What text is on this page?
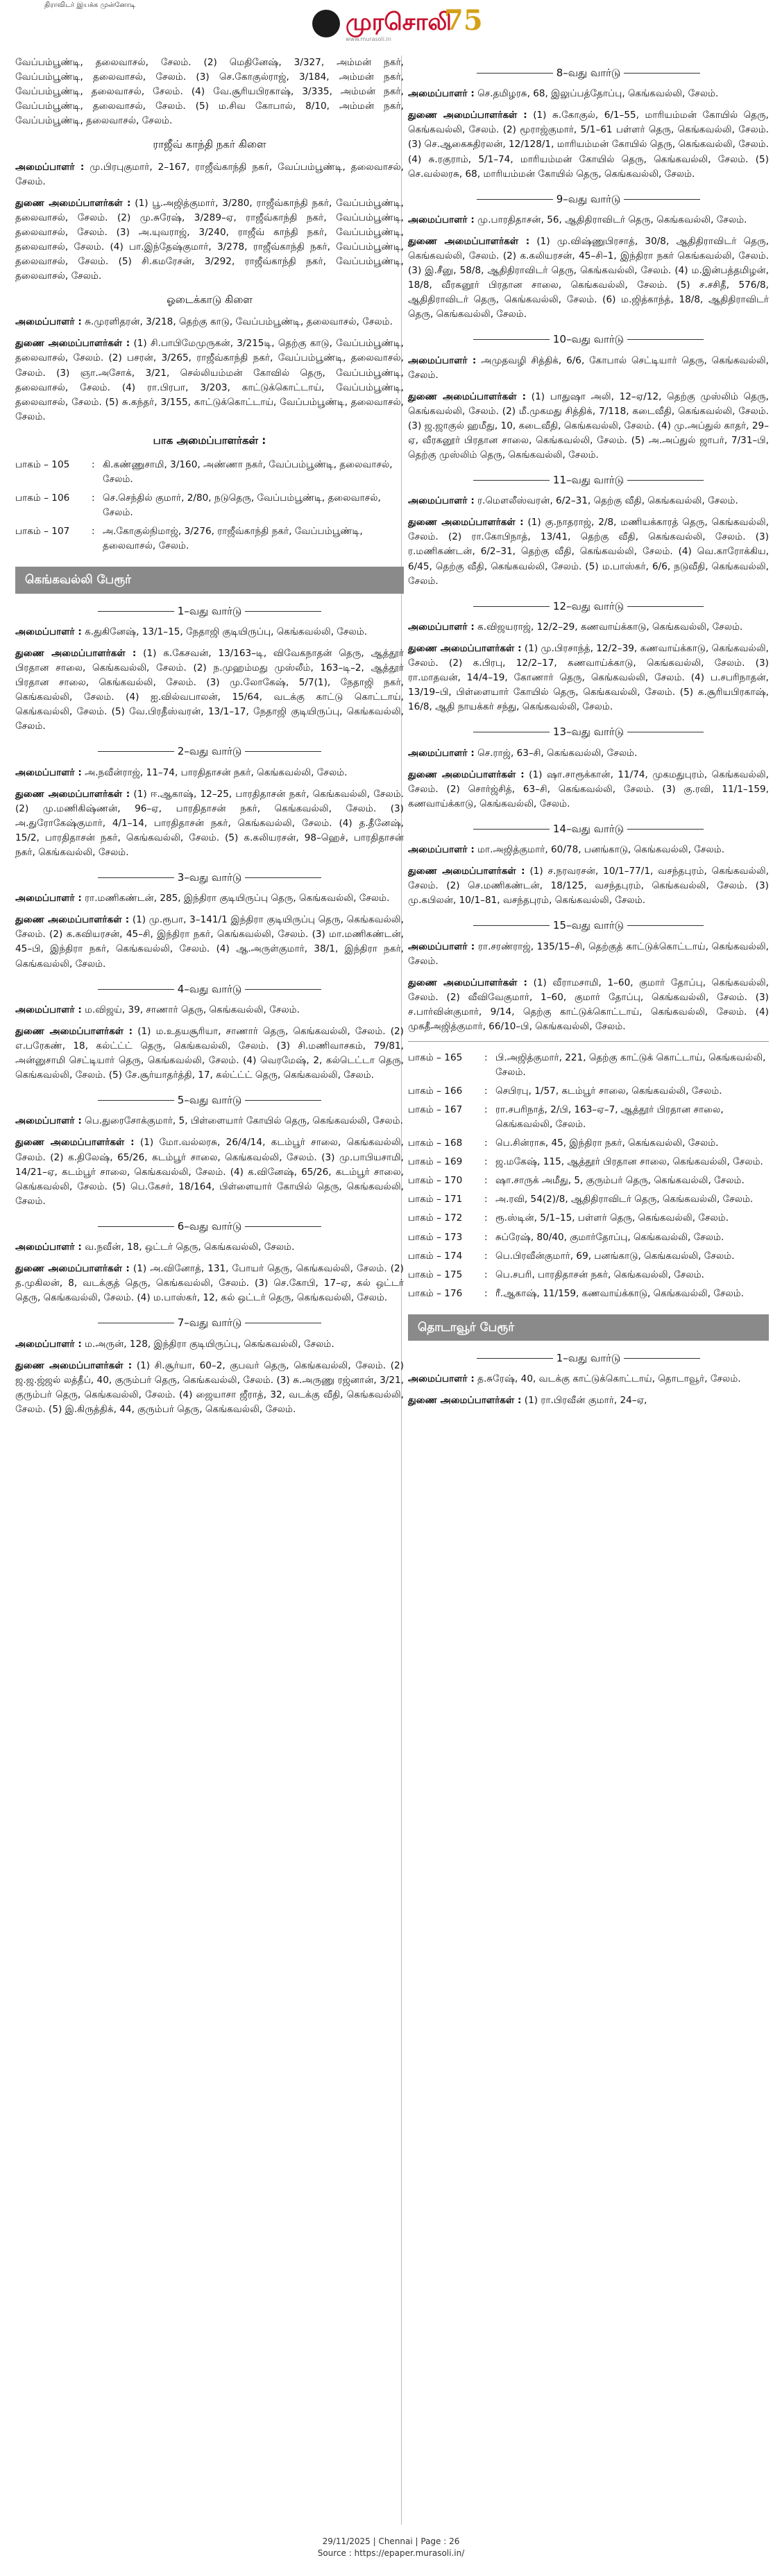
திராவிடர் இயக்க முன்னோடி
முரசொலி
75
www.murasoli.in

வேப்பம்பூண்டி, தலைவாசல், சேலம். (2) மெதினேஷ், 3/327, அம்மன் நகர், வேப்பம்பூண்டி, தலைவாசல், சேலம். (3) செ.கோகுல்ராஜ், 3/184, அம்மன் நகர், வேப்பம்பூண்டி, தலைவாசல், சேலம். (4) வே.சூரியபிரகாஷ், 3/335, அம்மன் நகர், வேப்பம்பூண்டி, தலைவாசல், சேலம். (5) ம.சிவ கோபால், 8/10, அம்மன் நகர், வேப்பம்பூண்டி, தலைவாசல், சேலம்.

ராஜீவ் காந்தி நகர் கிளை

அமைப்பாளர் : மு.பிரபுகுமார், 2–167, ராஜீவ்காந்தி நகர், வேப்பம்பூண்டி, தலைவாசல், சேலம்.

துணை அமைப்பாளர்கள் : (1) பூ.அஜித்குமார், 3/280, ராஜீவ்காந்தி நகர், வேப்பம்பூண்டி, தலைவாசல், சேலம். (2) மு.சுரேஷ், 3/289–ஏ, ராஜீவ்காந்தி நகர், வேப்பம்பூண்டி, தலைவாசல், சேலம். (3) அ.யுவராஜ், 3/240, ராஜீவ் காந்தி நகர், வேப்பம்பூண்டி, தலைவாசல், சேலம். (4) பா.இந்தேஷ்குமார், 3/278, ராஜீவ்காந்தி நகர், வேப்பம்பூண்டி, தலைவாசல், சேலம். (5) சி.கமரேசன், 3/292, ராஜீவ்காந்தி நகர், வேப்பம்பூண்டி, தலைவாசல், சேலம்.

ஓடைக்காடு கிளை

அமைப்பாளர் : சு.முரளிதரன், 3/218, தெற்கு காடு, வேப்பம்பூண்டி, தலைவாசல், சேலம்.

துணை அமைப்பாளர்கள் : (1) சி.பாபிமேமுருகன், 3/215டி, தெற்கு காடு, வேப்பம்பூண்டி, தலைவாசல், சேலம். (2) பசரன், 3/265, ராஜீவ்காந்தி நகர், வேப்பம்பூண்டி, தலைவாசல், சேலம். (3) ஞா.அசோக், 3/21, செல்லியம்மன் கோவில் தெரு, வேப்பம்பூண்டி, தலைவாசல், சேலம். (4) ரா.பிரபா, 3/203, காட்டுக்கொட்டாய், வேப்பம்பூண்டி, தலைவாசல், சேலம். (5) சு.கந்தர், 3/155, காட்டுக்கொட்டாய், வேப்பம்பூண்டி, தலைவாசல், சேலம்.

பாக அமைப்பாளர்கள் :
பாகம் – 105	:	கி.கண்ணுசாமி, 3/160, அண்ணா நகர், வேப்பம்பூண்டி, தலைவாசல், சேலம்.
பாகம் – 106	:	செ.செந்தில் குமார், 2/80, நடுதெரு, வேப்பம்பூண்டி, தலைவாசல், சேலம்.
பாகம் – 107	:	அ.கோகுல்நிமாஜ், 3/276, ராஜீவ்காந்தி நகர், வேப்பம்பூண்டி, தலைவாசல், சேலம்.
கெங்கவல்லி பேரூர்
1–வது வார்டு

அமைப்பாளர் : க.துகினேஷ், 13/1–15, நேதாஜி குடியிருப்பு, கெங்கவல்லி, சேலம்.

துணை அமைப்பாளர்கள் : (1) க.கேசவன், 13/163–டி, விவேகநாதன் தெரு, ஆத்தூர் பிரதான சாலை, கெங்கவல்லி, சேலம். (2) ந.முஹம்மது முஸ்லீம், 163–டி–2, ஆத்தூர் பிரதான சாலை, கெங்கவல்லி, சேலம். (3) மு.லோகேஷ், 5/7(1), நேதாஜி நகர், கெங்கவல்லி, சேலம். (4) ஐ.வில்வபாலன், 15/64, வடக்கு காட்டு கொட்டாய், கெங்கவல்லி, சேலம். (5) வே.பிரதீஸ்வரன், 13/1–17, நேதாஜி குடியிருப்பு, கெங்கவல்லி, சேலம்.

2–வது வார்டு

அமைப்பாளர் : அ.நவீன்ராஜ், 11–74, பாரதிதாசன் நகர், கெங்கவல்லி, சேலம்.

துணை அமைப்பாளர்கள் : (1) ஈ.ஆகாஷ், 12–25, பாரதிதாசன் நகர், கெங்கவல்லி, சேலம். (2) மு.மணிகிஷ்ணன், 96–ஏ, பாரதிதாசன் நகர், கெங்கவல்லி, சேலம். (3) அ.துரோகேஷ்குமார், 4/1–14, பாரதிதாசன் நகர், கெங்கவல்லி, சேலம். (4) த.தீனேஷ், 15/2, பாரதிதாசன் நகர், கெங்கவல்லி, சேலம். (5) க.கலியரசன், 98–ஹெச், பாரதிதாசன் நகர், கெங்கவல்லி, சேலம்.

3–வது வார்டு

அமைப்பாளர் : ரா.மணிகண்டன், 285, இந்திரா குடியிருப்பு தெரு, கெங்கவல்லி, சேலம்.

துணை அமைப்பாளர்கள் : (1) மு.ரூபா, 3–141/1 இந்திரா குடியிருப்பு தெரு, கெங்கவல்லி, சேலம். (2) க.கவியரசன், 45–சி, இந்திரா நகர், கெங்கவல்லி, சேலம். (3) மா.மணிகண்டன், 45–பி, இந்திரா நகர், கெங்கவல்லி, சேலம். (4) ஆ.அருள்குமார், 38/1, இந்திரா நகர், கெங்கவல்லி, சேலம்.

4–வது வார்டு

அமைப்பாளர் : ம.விஜய், 39, சாணார் தெரு, கெங்கவல்லி, சேலம்.

துணை அமைப்பாளர்கள் : (1) ம.உதயசூரியா, சாணார் தெரு, கெங்கவல்லி, சேலம். (2) எ.பரேகண், 18, கல்ட்ட்ட் தெரு, கெங்கவல்லி, சேலம். (3) சி.மணிவாசகம், 79/81, அன்னுசாமி செட்டியார் தெரு, கெங்கவல்லி, சேலம். (4) வெரமேஷ், 2, கல்டெட்டா தெரு, கெங்கவல்லி, சேலம். (5) சே.சூர்யாதர்த்தி, 17, கல்ட்ட்ட் தெரு, கெங்கவல்லி, சேலம்.

5–வது வார்டு

அமைப்பாளர் : பெ.துரைசோக்குமார், 5, பிள்ளையார் கோயில் தெரு, கெங்கவல்லி, சேலம்.

துணை அமைப்பாளர்கள் : (1) மோ.வல்லரசு, 26/4/14, கடம்பூர் சாலை, கெங்கவல்லி, சேலம். (2) க.திலேஷ், 65/26, கடம்பூர் சாலை, கெங்கவல்லி, சேலம். (3) மு.பாபியசாமி, 14/21–ஏ, கடம்பூர் சாலை, கெங்கவல்லி, சேலம். (4) க.வினேஷ், 65/26, கடம்பூர் சாலை, கெங்கவல்லி, சேலம். (5) பெ.கேசர், 18/164, பிள்ளையார் கோயில் தெரு, கெங்கவல்லி, சேலம்.

6–வது வார்டு

அமைப்பாளர் : வ.நவீன், 18, ஒட்டர் தெரு, கெங்கவல்லி, சேலம்.

துணை அமைப்பாளர்கள் : (1) அ.வினோத், 131, போயர் தெரு, கெங்கவல்லி, சேலம். (2) த.முகிலன், 8, வடக்குத் தெரு, கெங்கவல்லி, சேலம். (3) செ.கோபி, 17–ஏ, கல் ஒட்டர் தெரு, கெங்கவல்லி, சேலம். (4) ம.பாஸ்கர், 12, கல் ஒட்டர் தெரு, கெங்கவல்லி, சேலம்.

7–வது வார்டு

அமைப்பாளர் : ம.அருன், 128, இந்திரா குடியிருப்பு, கெங்கவல்லி, சேலம்.

துணை அமைப்பாளர்கள் : (1) சி.சூர்யா, 60–2, குபவர் தெரு, கெங்கவல்லி, சேலம். (2) ஜ.ஜ.ஜ்ஜல் லத்தீப், 40, குரும்பர் தெரு, கெங்கவல்லி, சேலம். (3) சு.அருணு ரஜ்னான், 3/21, குரும்பர் தெரு, கெங்கவல்லி, சேலம். (4) ஜையாசா ஜீராத், 32, வடக்கு வீதி, கெங்கவல்லி, சேலம். (5) இ.கிருத்திக், 44, குரும்பர் தெரு, கெங்கவல்லி, சேலம்.

8–வது வார்டு

அமைப்பாளர் : செ.தமிழரசு, 68, இலுப்பத்தோப்பு, கெங்கவல்லி, சேலம்.

துணை அமைப்பாளர்கள் : (1) சு.கோகுல், 6/1–55, மாரியம்மன் கோயில் தெரு, கெங்கவல்லி, சேலம். (2) மூராஜ்குமார், 5/1–61 பள்ளர் தெரு, கெங்கவல்லி, சேலம். (3) செ.ஆகைசுதிரலன், 12/128/1, மாரியம்மன் கோயில் தெரு, கெங்கவல்லி, சேலம். (4) சு.ரகுராம், 5/1–74, மாரியம்மன் கோயில் தெரு, கெங்கவல்லி, சேலம். (5) செ.வல்லரசு, 68, மாரியம்மன் கோயில் தெரு, கெங்கவல்லி, சேலம்.

9–வது வார்டு

அமைப்பாளர் : மு.பாரதிதாசன், 56, ஆதிதிராவிடர் தெரு, கெங்கவல்லி, சேலம்.

துணை அமைப்பாளர்கள் : (1) மு.விஷ்ணுபிரசாத், 30/8, ஆதிதிராவிடர் தெரு, கெங்கவல்லி, சேலம். (2) க.கலியரசன், 45–சி–1, இந்திரா நகர் கெங்கவல்லி, சேலம். (3) இ.சீனு, 58/8, ஆதிதிராவிடர் தெரு, கெங்கவல்லி, சேலம். (4) ம.இன்பத்தமிழன், 18/8, வீரகனூர் பிரதான சாலை, கெங்கவல்லி, சேலம். (5) ச.சசிதீ, 576/8, ஆதிதிராவிடர் தெரு, கெங்கவல்லி, சேலம். (6) ம.ஜித்காந்த், 18/8, ஆதிதிராவிடர் தெரு, கெங்கவல்லி, சேலம்.

10–வது வார்டு

அமைப்பாளர் : அமுதவழி சித்திக், 6/6, கோபால் செட்டியார் தெரு, கெங்கவல்லி, சேலம்.

துணை அமைப்பாளர்கள் : (1) பாதுஷா அலி, 12–ஏ/12, தெற்கு முஸ்லிம் தெரு, கெங்கவல்லி, சேலம். (2) மீ.முகமது சித்திக், 7/118, கடைவீதி, கெங்கவல்லி, சேலம். (3) ஜ.ஜாகுல் ஹமீது, 10, கடைவீதி, கெங்கவல்லி, சேலம். (4) மு.அப்துல் காதர், 29–ஏ, வீரகனூர் பிரதான சாலை, கெங்கவல்லி, சேலம். (5) அ.அப்துல் ஜாபர், 7/31–பி, தெற்கு முஸ்லிம் தெரு, கெங்கவல்லி, சேலம்.

11–வது வார்டு

அமைப்பாளர் : ர.மௌலீஸ்வரன், 6/2–31, தெற்கு வீதி, கெங்கவல்லி, சேலம்.

துணை அமைப்பாளர்கள் : (1) கு.நாதராஜ், 2/8, மணியக்காரத் தெரு, கெங்கவல்லி, சேலம். (2) ரா.கோபிநாத், 13/41, தெற்கு வீதி, கெங்கவல்லி, சேலம். (3) ர.மணிகண்டன், 6/2–31, தெற்கு வீதி, கெங்கவல்லி, சேலம். (4) வெ.காரோக்கிய, 6/45, தெற்கு வீதி, கெங்கவல்லி, சேலம். (5) ம.பாஸ்கர், 6/6, நடுவீதி, கெங்கவல்லி, சேலம்.

12–வது வார்டு

அமைப்பாளர் : க.விஜயராஜ், 12/2–29, கணவாய்க்காடு, கெங்கவல்லி, சேலம்.

துணை அமைப்பாளர்கள் : (1) மு.பிரசாந்த், 12/2–39, கணவாய்க்காடு, கெங்கவல்லி, சேலம். (2) க.பிரபு, 12/2–17, கணவாய்க்காடு, கெங்கவல்லி, சேலம். (3) ரா.மாதவன், 14/4–19, கோணார் தெரு, கெங்கவல்லி, சேலம். (4) ப.சபரிநாதன், 13/19–பி, பிள்ளையார் கோயில் தெரு, கெங்கவல்லி, சேலம். (5) க.சூரியபிரகாஷ், 16/8, ஆதி நாயக்கர் சந்து, கெங்கவல்லி, சேலம்.

13–வது வார்டு

அமைப்பாளர் : செ.ராஜ், 63–சி, கெங்கவல்லி, சேலம்.

துணை அமைப்பாளர்கள் : (1) ஷா.சாரூக்கான், 11/74, முகமதுபுரம், கெங்கவல்லி, சேலம். (2) சொர்ஜ்சித், 63–சி, கெங்கவல்லி, சேலம். (3) கு.ரவி, 11/1–159, கணவாய்க்காடு, கெங்கவல்லி, சேலம்.

14–வது வார்டு

அமைப்பாளர் : மா.அஜித்குமார், 60/78, பனங்காடு, கெங்கவல்லி, சேலம்.

துணை அமைப்பாளர்கள் : (1) ச.நரவரசன், 10/1–77/1, வசந்தபுரம், கெங்கவல்லி, சேலம். (2) செ.மணிகண்டன், 18/125, வசந்தபுரம், கெங்கவல்லி, சேலம். (3) மு.கபிலன், 10/1–81, வசந்தபுரம், கெங்கவல்லி, சேலம்.

15–வது வார்டு

அமைப்பாளர் : ரா.சரண்ராஜ், 135/15–சி, தெற்குத் காட்டுக்கொட்டாய், கெங்கவல்லி, சேலம்.

துணை அமைப்பாளர்கள் : (1) வீராமசாமி, 1–60, குமார் தோப்பு, கெங்கவல்லி, சேலம். (2) வீவிவேகுமார், 1–60, குமார் தோப்பு, கெங்கவல்லி, சேலம். (3) ச.பார்வின்குமார், 9/14, தெற்கு காட்டுக்கொட்டாய், கெங்கவல்லி, சேலம். (4) முகதீஅஜித்குமார், 66/10–பி, கெங்கவல்லி, சேலம்.

பாகம் – 165	:	பி.அஜித்குமார், 221, தெற்கு காட்டுக் கொட்டாய், கெங்கவல்லி, சேலம்.
பாகம் – 166	:	செபிரபு, 1/57, கடம்பூர் சாலை, கெங்கவல்லி, சேலம்.
பாகம் – 167	:	ரா.சபரிநாத், 2/பி, 163–ஏ–7, ஆத்தூர் பிரதான சாலை, கெங்கவல்லி, சேலம்.
பாகம் – 168	:	பெ.சின்ராசு, 45, இந்திரா நகர், கெங்கவல்லி, சேலம்.
பாகம் – 169	:	ஜ.மகேஷ், 115, ஆத்தூர் பிரதான சாலை, கெங்கவல்லி, சேலம்.
பாகம் – 170	:	ஷா.சாருக் அமீது, 5, குரும்பர் தெரு, கெங்கவல்லி, சேலம்.
பாகம் – 171	:	அ.ரவி, 54(2)/8, ஆதிதிராவிடர் தெரு, கெங்கவல்லி, சேலம்.
பாகம் – 172	:	ரூ.ஸ்டின், 5/1–15, பள்ளர் தெரு, கெங்கவல்லி, சேலம்.
பாகம் – 173	:	சுப்ரேஷ், 80/40, குமார்தோப்பு, கெங்கவல்லி, சேலம்.
பாகம் – 174	:	பெ.பிரவீன்குமார், 69, பனங்காடு, கெங்கவல்லி, சேலம்.
பாகம் – 175	:	பெ.சபரி, பாரதிதாசன் நகர், கெங்கவல்லி, சேலம்.
பாகம் – 176	:	ரீ.ஆகாஷ், 11/159, கணவாய்க்காடு, கெங்கவல்லி, சேலம்.
தொடாவூர் பேரூர்
1–வது வார்டு

அமைப்பாளர் : த.சுரேஷ், 40, வடக்கு காட்டுக்கொட்டாய், தொடாவூர், சேலம்.

துணை அமைப்பாளர்கள் : (1) ரா.பிரவீன் குமார், 24–ஏ,

29/11/2025 | Chennai | Page : 26
Source : https://epaper.murasoli.in/
